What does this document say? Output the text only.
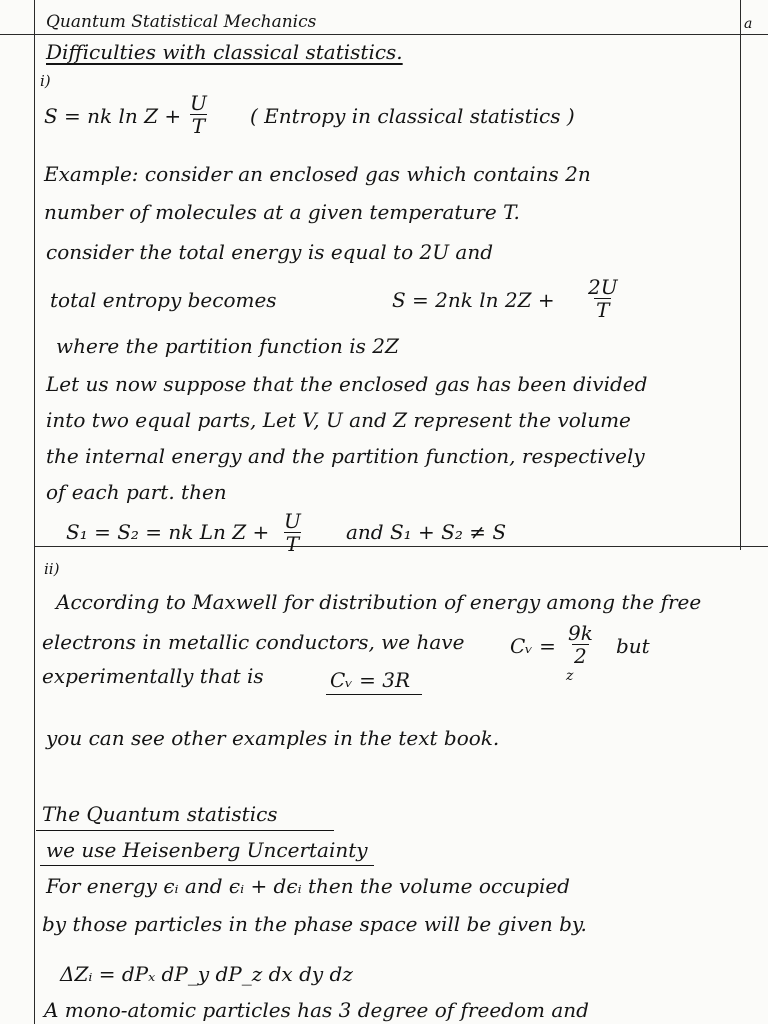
Quantum Statistical Mechanics	a
Difficulties with classical statistics.
i)
S = nk $\ln Z + \frac{U}{T}$ ( Entropy in classical statistics )
Example: consider an enclosed gas which contains 2n
number of molecules at a given temperature T.
consider the total energy is equal to 2U and
total entropy becomes	S = 2nk $\ln 2Z + \frac{2U}{T}$
where the partition function is 2Z
Let us now suppose that the enclosed gas has been divided
into two equal parts, Let V, U and Z represent the volume
the internal energy and the partition function, respectively
of each part. then
S₁ = S₂ = nk Ln $Z + \frac{U}{T}$ and S₁ + S₂ ≠ S
ii)
According to Maxwell for distribution of energy among the free
electrons in metallic conductors, we have Cᵥ = $\frac{9k}{2}$ but
experimentally that is	Cᵥ = 3R	z
you can see other examples in the text book.
The Quantum statistics
we use Heisenberg Uncertainty
For energy ϵᵢ and ϵᵢ + dϵᵢ then the volume occupied
by those particles in the phase space will be given by.
ΔZᵢ = dPₓ dP_y dP_z dx dy dz
A mono-atomic particles has 3 degree of freedom and
